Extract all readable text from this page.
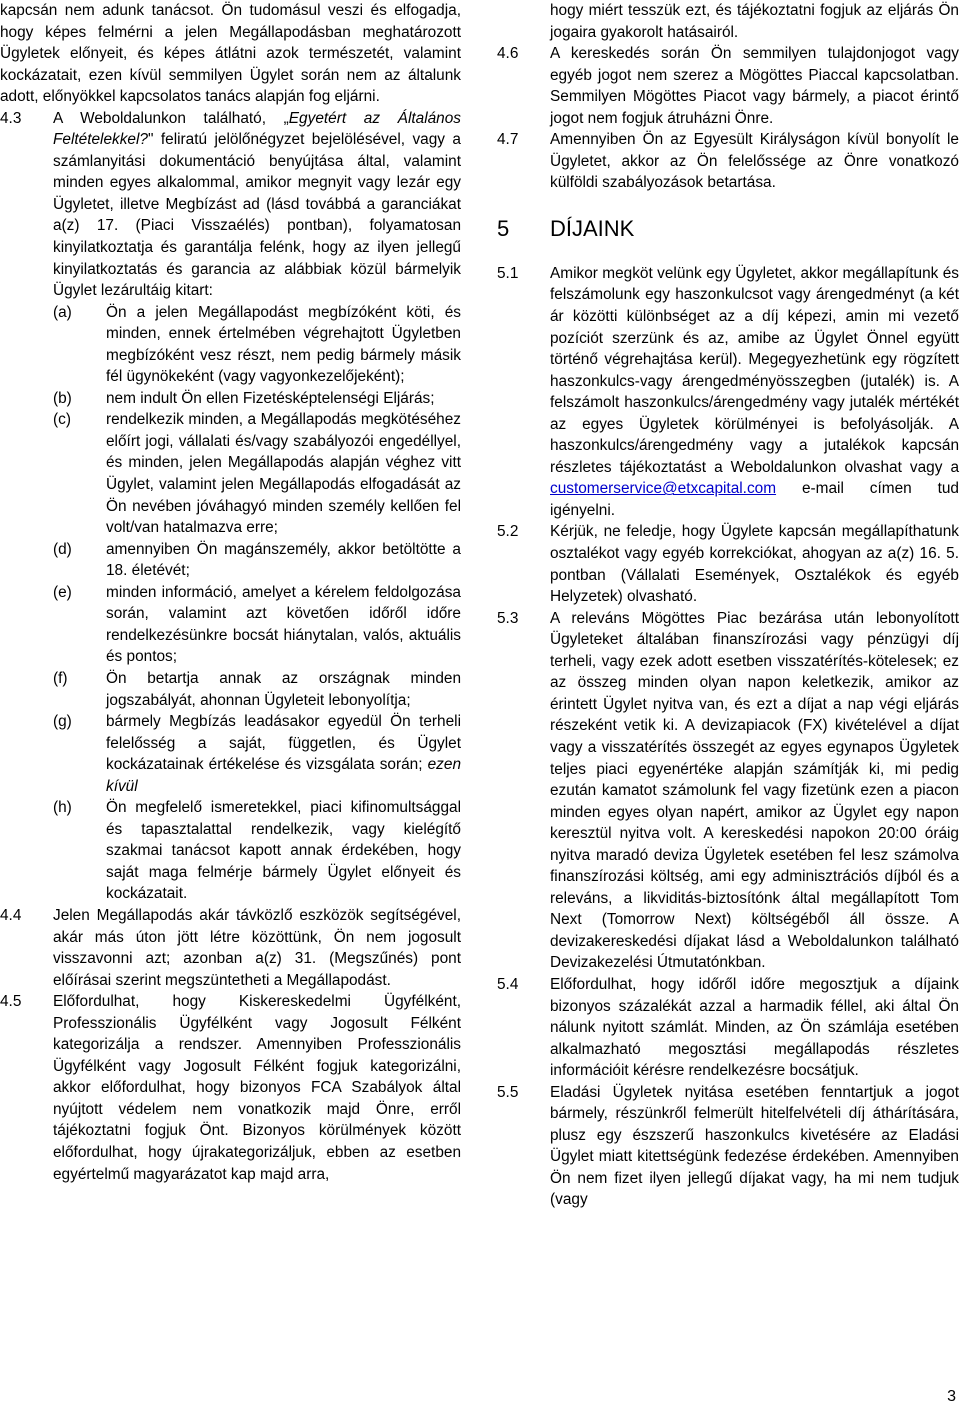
kapcsán nem adunk tanácsot. Ön tudomásul veszi és elfogadja, hogy képes felmérni a jelen Megállapodásban meghatározott Ügyletek előnyeit, és képes átlátni azok természetét, valamint kockázatait, ezen kívül semmilyen Ügylet során nem az általunk adott, előnyökkel kapcsolatos tanács alapján fog eljárni.

4.3 A Weboldalunkon található, „Egyetért az Általános Feltételekkel?" feliratú jelölőnégyzet bejelölésével, vagy a számlanyitási dokumentáció benyújtása által, valamint minden egyes alkalommal, amikor megnyit vagy lezár egy Ügyletet, illetve Megbízást ad (lásd továbbá a garanciákat a(z) 17. (Piaci Visszaélés) pontban), folyamatosan kinyilatkoztatja és garantálja felénk, hogy az ilyen jellegű kinyilatkoztatás és garancia az alábbiak közül bármelyik Ügylet lezárultáig kitart:

(a) Ön a jelen Megállapodást megbízóként köti, és minden, ennek értelmében végrehajtott Ügyletben megbízóként vesz részt, nem pedig bármely másik fél ügynökeként (vagy vagyonkezelőjeként);

(b) nem indult Ön ellen Fizetésképtelenségi Eljárás;

(c) rendelkezik minden, a Megállapodás megkötéséhez előírt jogi, vállalati és/vagy szabályozói engedéllyel, és minden, jelen Megállapodás alapján véghez vitt Ügylet, valamint jelen Megállapodás elfogadását az Ön nevében jóváhagyó minden személy kellően fel volt/van hatalmazva erre;

(d) amennyiben Ön magánszemély, akkor betöltötte a 18. életévét;

(e) minden információ, amelyet a kérelem feldolgozása során, valamint azt követően időről időre rendelkezésünkre bocsát hiánytalan, valós, aktuális és pontos;

(f) Ön betartja annak az országnak minden jogszabályát, ahonnan Ügyleteit lebonyolítja;

(g) bármely Megbízás leadásakor egyedül Ön terheli felelősség a saját, független, és Ügylet kockázatainak értékelése és vizsgálata során; ezen kívül

(h) Ön megfelelő ismeretekkel, piaci kifinomultsággal és tapasztalattal rendelkezik, vagy kielégítő szakmai tanácsot kapott annak érdekében, hogy saját maga felmérje bármely Ügylet előnyeit és kockázatait.

4.4 Jelen Megállapodás akár távközlő eszközök segítségével, akár más úton jött létre közöttünk, Ön nem jogosult visszavonni azt; azonban a(z) 31. (Megszűnés) pont előírásai szerint megszüntetheti a Megállapodást.

4.5 Előfordulhat, hogy Kiskereskedelmi Ügyfélként, Professzionális Ügyfélként vagy Jogosult Félként kategorizálja a rendszer. Amennyiben Professzionális Ügyfélként vagy Jogosult Félként fogjuk kategorizálni, akkor előfordulhat, hogy bizonyos FCA Szabályok által nyújtott védelem nem vonatkozik majd Önre, erről tájékoztatni fogjuk Önt. Bizonyos körülmények között előfordulhat, hogy újrakategorizáljuk, ebben az esetben egyértelmű magyarázatot kap majd arra,

hogy miért tesszük ezt, és tájékoztatni fogjuk az eljárás Ön jogaira gyakorolt hatásairól.

4.6 A kereskedés során Ön semmilyen tulajdonjogot vagy egyéb jogot nem szerez a Mögöttes Piaccal kapcsolatban. Semmilyen Mögöttes Piacot vagy bármely, a piacot érintő jogot nem fogjuk átruházni Önre.

4.7 Amennyiben Ön az Egyesült Királyságon kívül bonyolít le Ügyletet, akkor az Ön felelőssége az Önre vonatkozó külföldi szabályozások betartása.

5 DÍJAINK

5.1 Amikor megköt velünk egy Ügyletet, akkor megállapítunk és felszámolunk egy haszonkulcsot vagy árengedményt (a két ár közötti különbséget az a díj képezi, amin mi vezető pozíciót szerzünk és az, amibe az Ügylet Önnel együtt történő végrehajtása kerül). Megegyezhetünk egy rögzített haszonkulcs-vagy árengedményösszegben (jutalék) is. A felszámolt haszonkulcs/árengedmény vagy jutalék mértékét az egyes Ügyletek körülményei is befolyásolják. A haszonkulcs/árengedmény vagy a jutalékok kapcsán részletes tájékoztatást a Weboldalunkon olvashat vagy a customerservice@etxcapital.com e-mail címen tud igényelni.

5.2 Kérjük, ne feledje, hogy Ügylete kapcsán megállapíthatunk osztalékot vagy egyéb korrekciókat, ahogyan az a(z) 16. 5. pontban (Vállalati Események, Osztalékok és egyéb Helyzetek) olvasható.

5.3 A releváns Mögöttes Piac bezárása után lebonyolított Ügyleteket általában finanszírozási vagy pénzügyi díj terheli, vagy ezek adott esetben visszatérítés-kötelesek; ez az összeg minden olyan napon keletkezik, amikor az érintett Ügylet nyitva van, és ezt a díjat a nap végi eljárás részeként vetik ki. A devizapiacok (FX) kivételével a díjat vagy a visszatérítés összegét az egyes egynapos Ügyletek teljes piaci egyenértéke alapján számítják ki, mi pedig ezután kamatot számolunk fel vagy fizetünk ezen a piacon minden egyes olyan napért, amikor az Ügylet egy napon keresztül nyitva volt. A kereskedési napokon 20:00 óráig nyitva maradó deviza Ügyletek esetében fel lesz számolva finanszírozási költség, ami egy adminisztrációs díjból és a releváns, a likviditás-biztosítónk által megállapított Tom Next (Tomorrow Next) költségéből áll össze. A devizakereskedési díjakat lásd a Weboldalunkon található Devizakezelési Útmutatónkban.

5.4 Előfordulhat, hogy időről időre megosztjuk a díjaink bizonyos százalékát azzal a harmadik féllel, aki által Ön nálunk nyitott számlát. Minden, az Ön számlája esetében alkalmazható megosztási megállapodás részletes információit kérésre rendelkezésre bocsátjuk.

5.5 Eladási Ügyletek nyitása esetében fenntartjuk a jogot bármely, részünkről felmerült hitelfelvételi díj áthárítására, plusz egy észszerű haszonkulcs kivetésére az Eladási Ügylet miatt kitettségünk fedezése érdekében. Amennyiben Ön nem fizet ilyen jellegű díjakat vagy, ha mi nem tudjuk (vagy

3
